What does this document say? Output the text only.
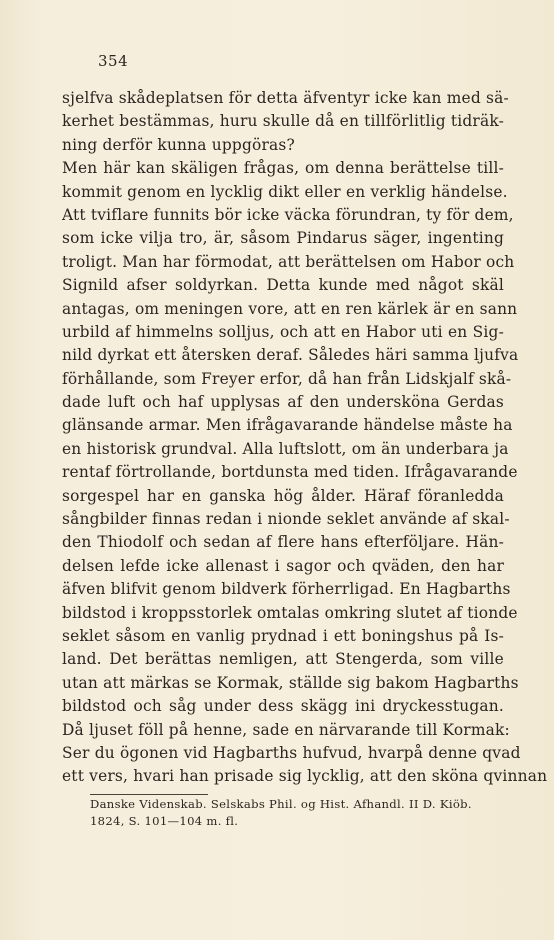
354
sjelfva skådeplatsen för detta äfventyr icke kan med sä-
kerhet bestämmas, huru skulle då en tillförlitlig tidräk-
ning derför kunna uppgöras?
Men här kan skäligen frågas, om denna berättelse till-
kommit genom en lycklig dikt eller en verklig händelse.
Att tviflare funnits bör icke väcka förundran, ty för dem,
som icke vilja tro, är, såsom Pindarus säger, ingenting
troligt. Man har förmodat, att berättelsen om Habor och
Signild afser soldyrkan. Detta kunde med något skäl
antagas, om meningen vore, att en ren kärlek är en sann
urbild af himmelns solljus, och att en Habor uti en Sig-
nild dyrkat ett återsken deraf. Således häri samma ljufva
förhållande, som Freyer erfor, då han från Lidskjalf skå-
dade luft och haf upplysas af den undersköna Gerdas
glänsande armar. Men ifrågavarande händelse måste ha
en historisk grundval. Alla luftslott, om än underbara ja
rentaf förtrollande, bortdunsta med tiden. Ifrågavarande
sorgespel har en ganska hög ålder. Häraf föranledda
sångbilder finnas redan i nionde seklet använde af skal-
den Thiodolf och sedan af flere hans efterföljare. Hän-
delsen lefde icke allenast i sagor och qväden, den har
äfven blifvit genom bildverk förherrligad. En Hagbarths
bildstod i kroppsstorlek omtalas omkring slutet af tionde
seklet såsom en vanlig prydnad i ett boningshus på Is-
land. Det berättas nemligen, att Stengerda, som ville
utan att märkas se Kormak, ställde sig bakom Hagbarths
bildstod och såg under dess skägg ini dryckesstugan.
Då ljuset föll på henne, sade en närvarande till Kormak:
Ser du ögonen vid Hagbarths hufvud, hvarpå denne qvad
ett vers, hvari han prisade sig lycklig, att den sköna qvinnan
Danske Videnskab. Selskabs Phil. og Hist. Afhandl. II D. Kiöb.
1824, S. 101—104 m. fl.
